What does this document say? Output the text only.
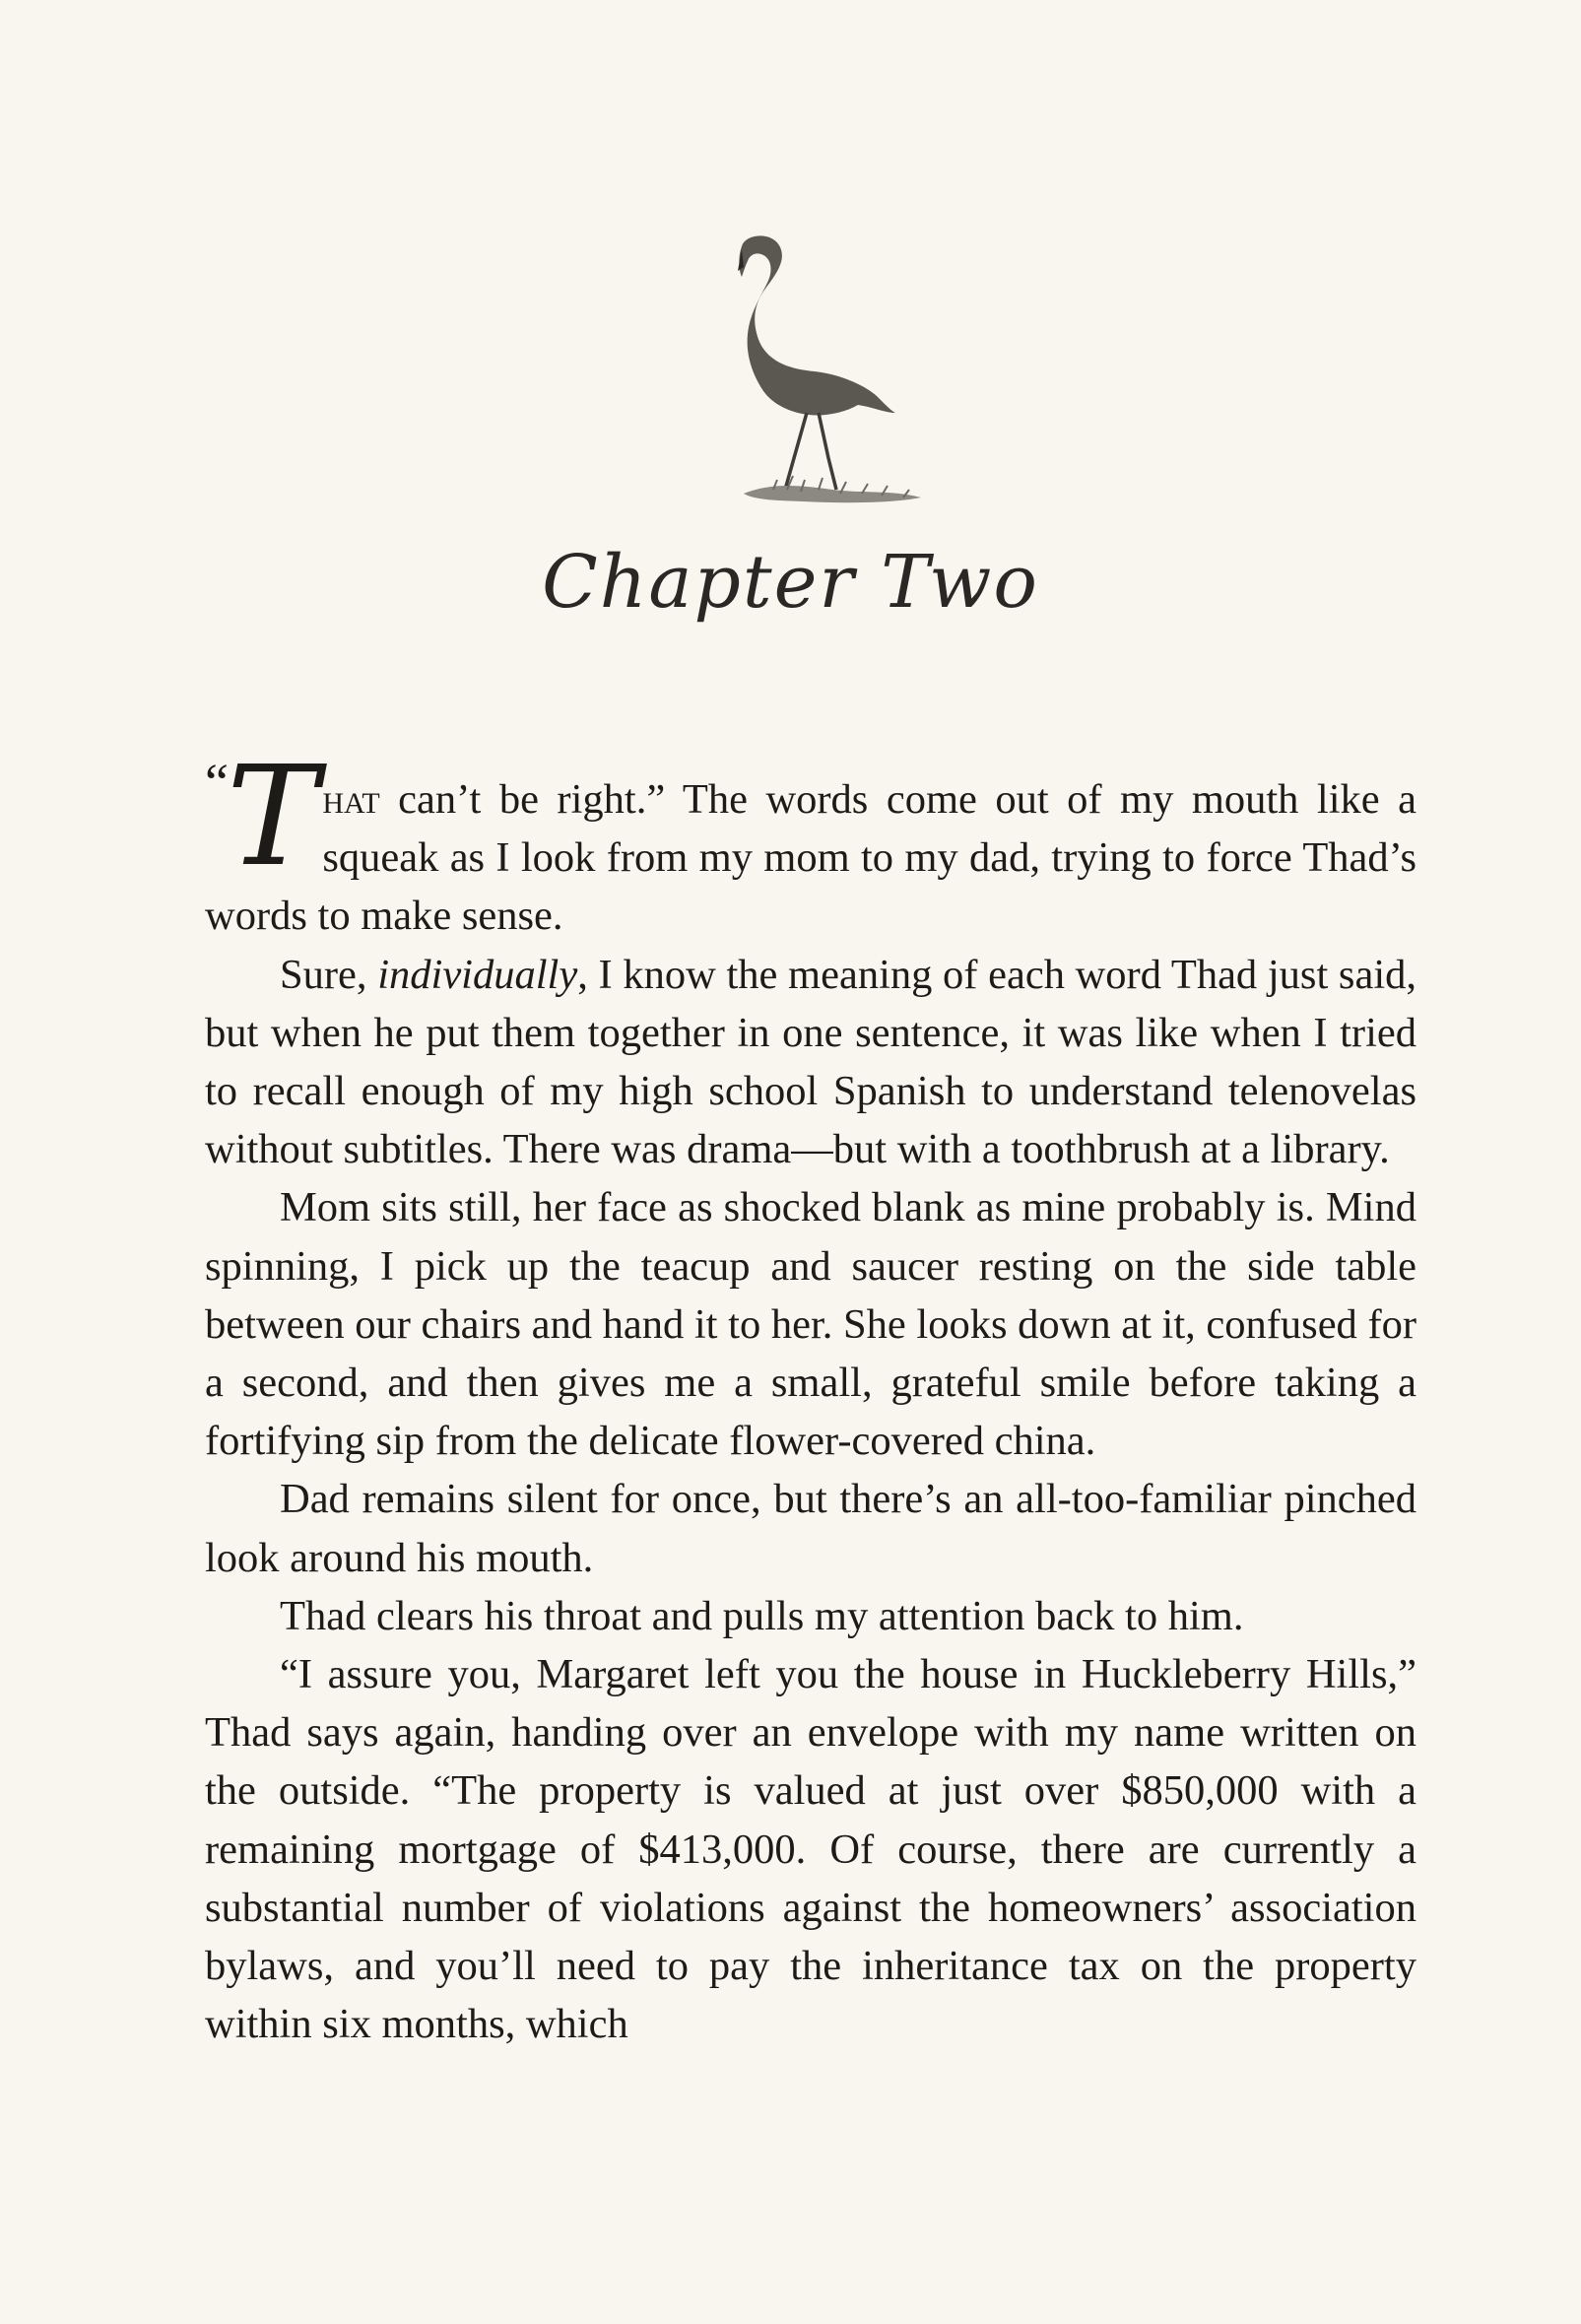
Chapter Two

“
T hat can’t be right.” The words come out of my mouth like a squeak as I look from my mom to my dad, trying to force Thad’s words to make sense.

Sure, individually, I know the meaning of each word Thad just said, but when he put them together in one sentence, it was like when I tried to recall enough of my high school Spanish to understand telenovelas without subtitles. There was drama—but with a toothbrush at a library.

Mom sits still, her face as shocked blank as mine probably is. Mind spinning, I pick up the teacup and saucer resting on the side table between our chairs and hand it to her. She looks down at it, confused for a second, and then gives me a small, grateful smile before taking a fortifying sip from the delicate flower-covered china.

Dad remains silent for once, but there’s an all-too-familiar pinched look around his mouth.

Thad clears his throat and pulls my attention back to him.

“I assure you, Margaret left you the house in Huckleberry Hills,” Thad says again, handing over an envelope with my name written on the outside. “The property is valued at just over $850,000 with a remaining mortgage of $413,000. Of course, there are currently a substantial number of violations against the homeowners’ association bylaws, and you’ll need to pay the inheritance tax on the property within six months, which
